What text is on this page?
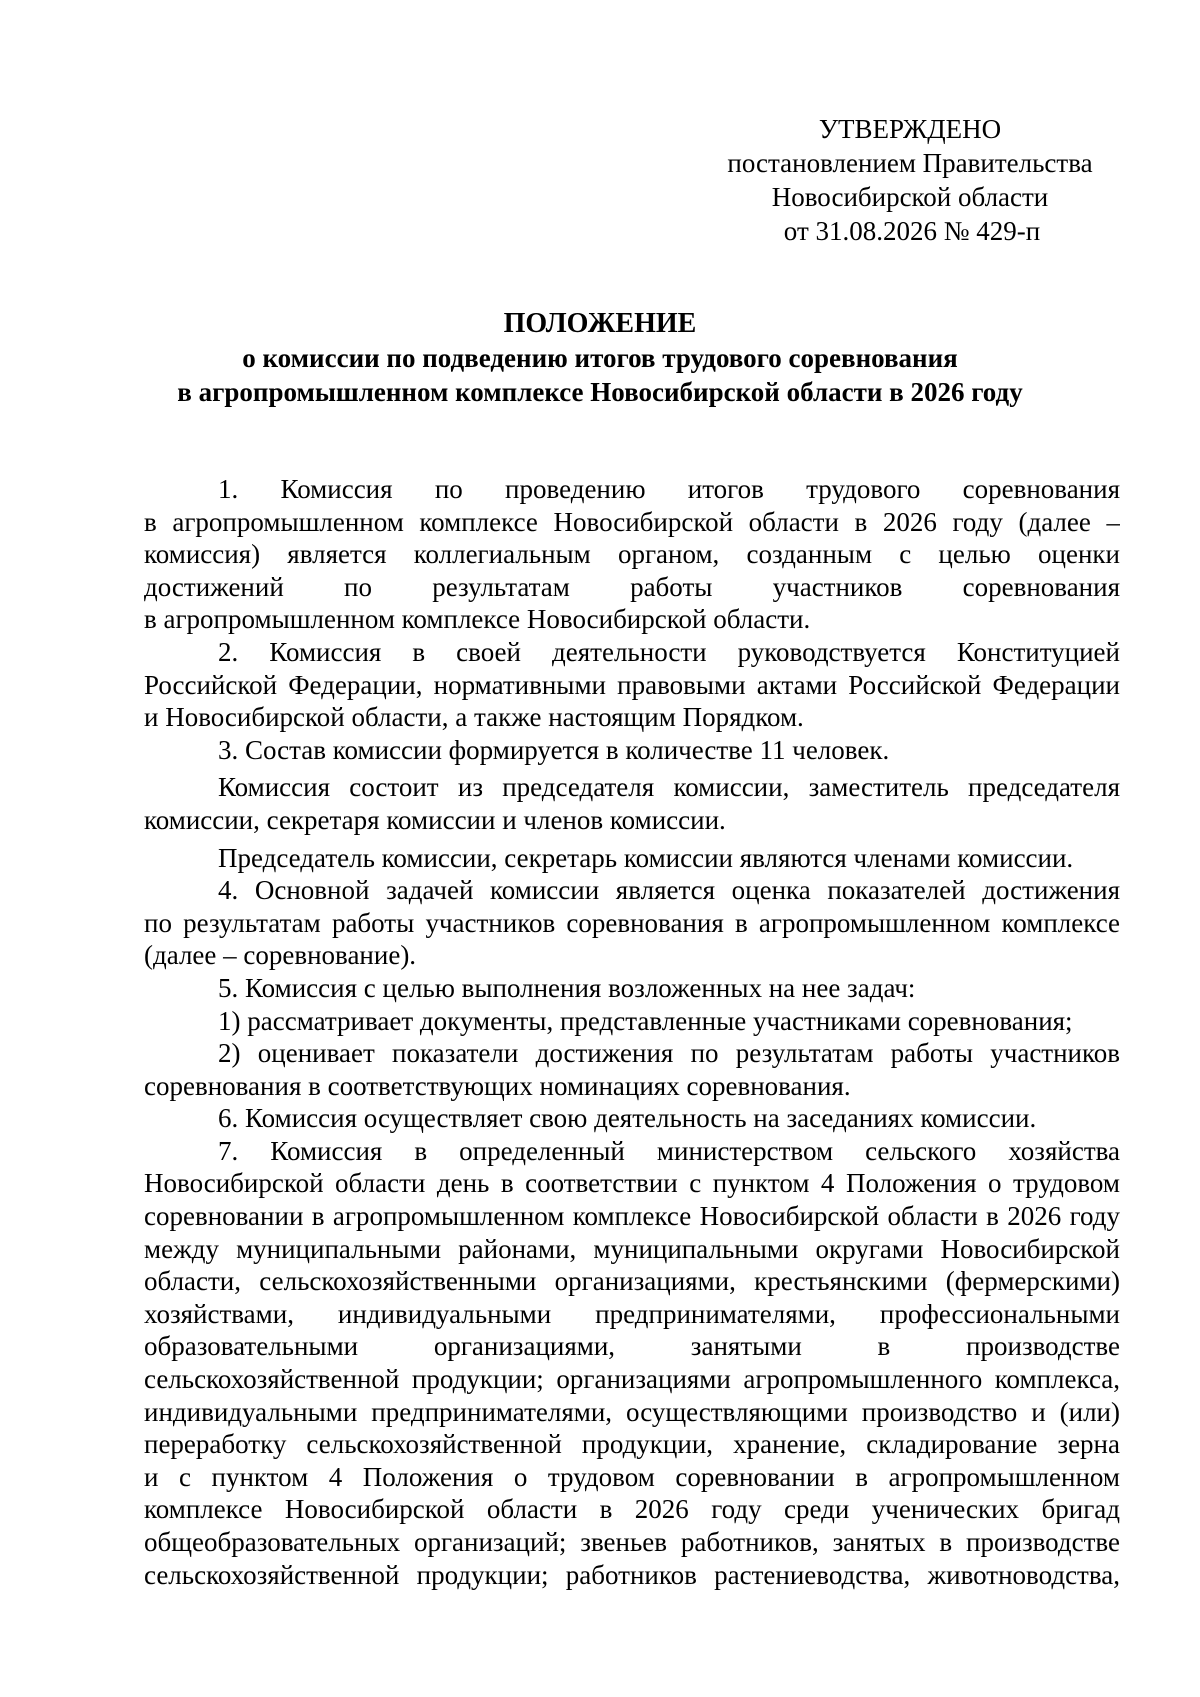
УТВЕРЖДЕНО
постановлением Правительства
Новосибирской области
от 31.08.2026 № 429-п
ПОЛОЖЕНИЕ
о комиссии по подведению итогов трудового соревнования
в агропромышленном комплексе Новосибирской области в 2026 году
1. Комиссия по проведению итогов трудового соревнования
в агропромышленном комплексе Новосибирской области в 2026 году (далее –
комиссия) является коллегиальным органом, созданным с целью оценки
достижений по результатам работы участников соревнования
в агропромышленном комплексе Новосибирской области.
2. Комиссия в своей деятельности руководствуется Конституцией
Российской Федерации, нормативными правовыми актами Российской Федерации
и Новосибирской области, а также настоящим Порядком.
3. Состав комиссии формируется в количестве 11 человек.
Комиссия состоит из председателя комиссии, заместитель председателя
комиссии, секретаря комиссии и членов комиссии.
Председатель комиссии, секретарь комиссии являются членами комиссии.
4. Основной задачей комиссии является оценка показателей достижения
по результатам работы участников соревнования в агропромышленном комплексе
(далее – соревнование).
5. Комиссия с целью выполнения возложенных на нее задач:
1) рассматривает документы, представленные участниками соревнования;
2) оценивает показатели достижения по результатам работы участников
соревнования в соответствующих номинациях соревнования.
6. Комиссия осуществляет свою деятельность на заседаниях комиссии.
7. Комиссия в определенный министерством сельского хозяйства
Новосибирской области день в соответствии с пунктом 4 Положения о трудовом
соревновании в агропромышленном комплексе Новосибирской области в 2026 году
между муниципальными районами, муниципальными округами Новосибирской
области, сельскохозяйственными организациями, крестьянскими (фермерскими)
хозяйствами, индивидуальными предпринимателями, профессиональными
образовательными организациями, занятыми в производстве
сельскохозяйственной продукции; организациями агропромышленного комплекса,
индивидуальными предпринимателями, осуществляющими производство и (или)
переработку сельскохозяйственной продукции, хранение, складирование зерна
и с пунктом 4 Положения о трудовом соревновании в агропромышленном
комплексе Новосибирской области в 2026 году среди ученических бригад
общеобразовательных организаций; звеньев работников, занятых в производстве
сельскохозяйственной продукции; работников растениеводства, животноводства,
